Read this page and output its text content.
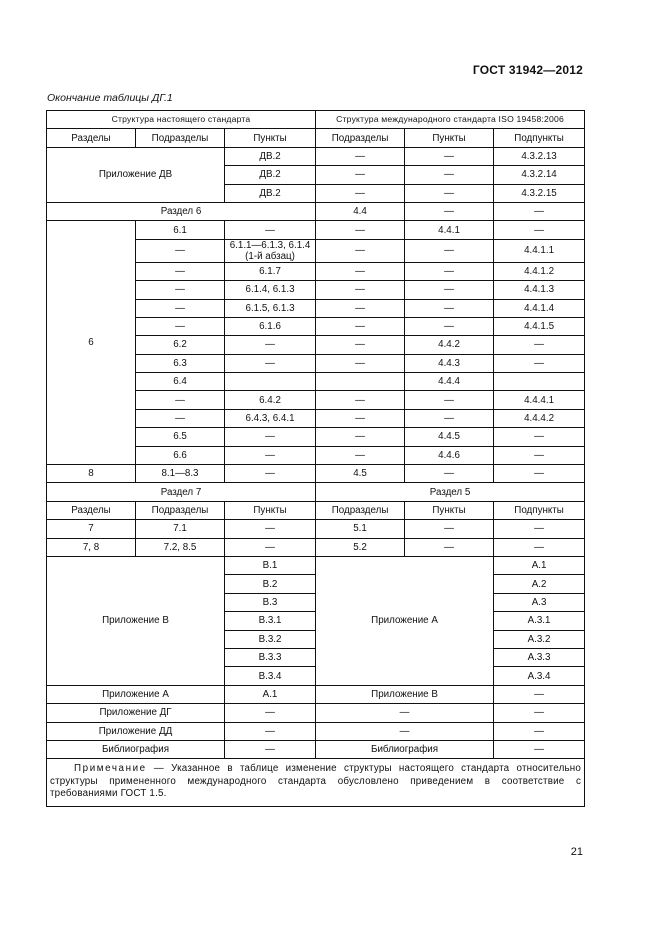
ГОСТ 31942—2012
Окончание таблицы ДГ.1
Структура настоящего стандарта			Структура международного стандарта ISO 19458:2006		
Разделы	Подразделы	Пункты	Подразделы	Пункты	Подпункты
Приложение ДВ		ДВ.2	—	—	4.3.2.13
		ДВ.2	—	—	4.3.2.14
		ДВ.2	—	—	4.3.2.15
Раздел 6			4.4	—	—
6	6.1	—	—	4.4.1	—
	—	6.1.1—6.1.3, 6.1.4 (1-й абзац)	—	—	4.4.1.1
	—	6.1.7	—	—	4.4.1.2
	—	6.1.4, 6.1.3	—	—	4.4.1.3
	—	6.1.5, 6.1.3	—	—	4.4.1.4
	—	6.1.6	—	—	4.4.1.5
	6.2	—	—	4.4.2	—
	6.3	—	—	4.4.3	—
	6.4			4.4.4	
	—	6.4.2	—	—	4.4.4.1
	—	6.4.3, 6.4.1	—	—	4.4.4.2
	6.5	—	—	4.4.5	—
	6.6	—	—	4.4.6	—
8	8.1—8.3	—	4.5	—	—
Раздел 7			Раздел 5		
Разделы	Подразделы	Пункты	Подразделы	Пункты	Подпункты
7	7.1	—	5.1	—	—
7, 8	7.2, 8.5	—	5.2	—	—
Приложение В		В.1	Приложение А		А.1
		В.2			А.2
		В.3			А.3
		В.3.1			А.3.1
		В.3.2			А.3.2
		В.3.3			А.3.3
		В.3.4			А.3.4
Приложение А		А.1	Приложение В		—
Приложение ДГ		—	—		—
Приложение ДД		—	—		—
Библиография		—	Библиография		—
Примечание — Указанное в таблице изменение структуры настоящего стандарта относительно структуры примененного международного стандарта обусловлено приведением в соответствие с требованиями ГОСТ 1.5.					
21
